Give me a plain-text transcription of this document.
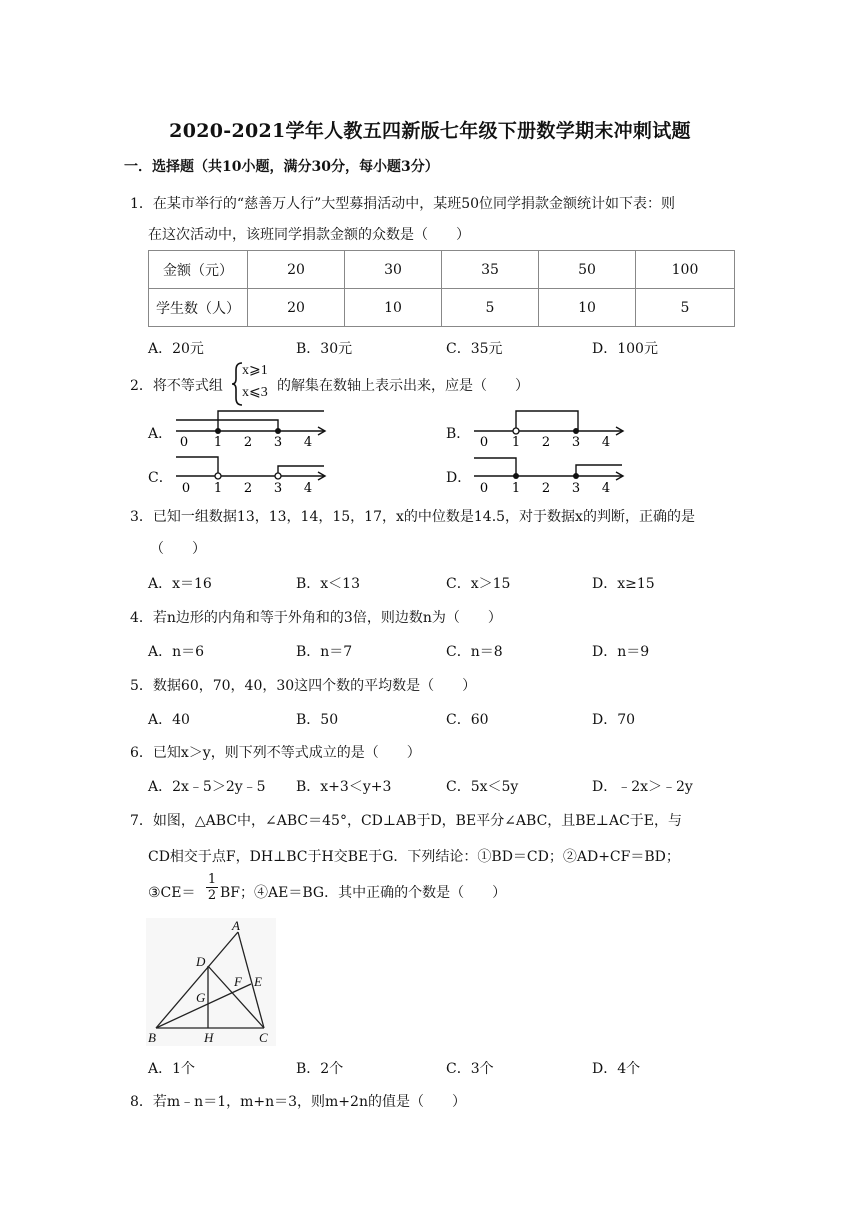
2020-2021学年人教五四新版七年级下册数学期末冲刺试题
一．选择题（共10小题，满分30分，每小题3分）
1．在某市举行的“慈善万人行”大型募捐活动中，某班50位同学捐款金额统计如下表：则
在这次活动中，该班同学捐款金额的众数是（　　）
金额（元）	20	30	35	50	100
学生数（人）	20	10	5	10	5
A．20元	B．30元	C．35元	D．100元
2．将不等式组
x⩾1
x⩽3 的解集在数轴上表示出来，应是（　　）
A．	B．
C．	D．
0 1 2 3 4	0 1 2 3 4
0 1 2 3 4	0 1 2 3 4
3．已知一组数据13，13，14，15，17，x的中位数是14.5，对于数据x的判断，正确的是
（　　）
A．x＝16	B．x＜13	C．x＞15	D．x≥15
4．若n边形的内角和等于外角和的3倍，则边数n为（　　）
A．n＝6	B．n＝7	C．n＝8	D．n＝9
5．数据60，70，40，30这四个数的平均数是（　　）
A．40	B．50	C．60	D．70
6．已知x＞y，则下列不等式成立的是（　　）
A．2x﹣5＞2y﹣5 B．x+3＜y+3	C．5x＜5y	D．﹣2x＞﹣2y
7．如图，△ABC中，∠ABC＝45°，CD⊥AB于D，BE平分∠ABC，且BE⊥AC于E，与
CD相交于点F，DH⊥BC于H交BE于G．下列结论：①BD＝CD；②AD+CF＝BD；
③CE＝ $\frac{1}{2}$ BF；④AE＝BG．其中正确的个数是（　　）
A
D
F E
G
B	H	C
A．1个	B．2个	C．3个	D．4个
8．若m﹣n＝1，m+n＝3，则m+2n的值是（　　）
